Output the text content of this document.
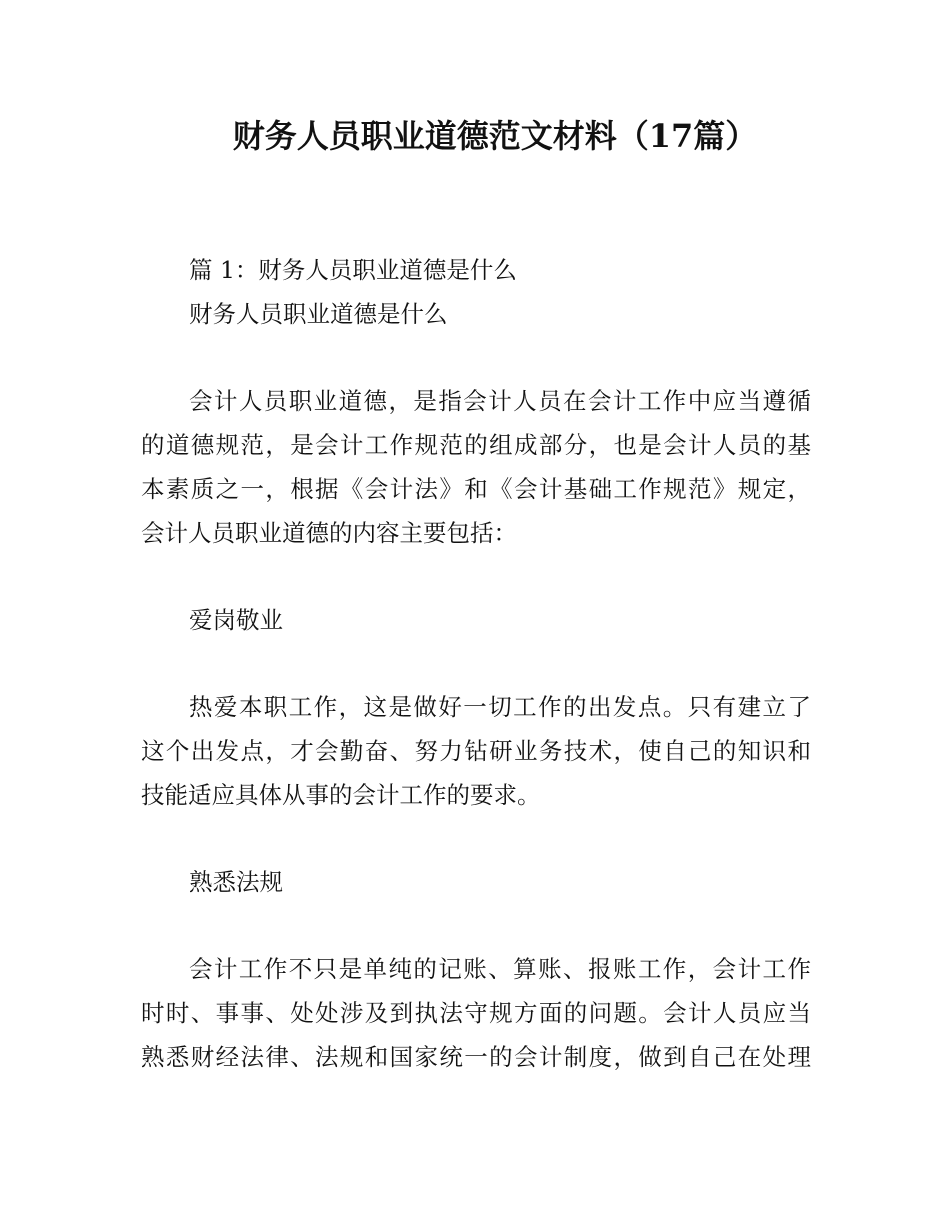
财务人员职业道德范文材料（17篇）

篇 1：财务人员职业道德是什么

财务人员职业道德是什么

会计人员职业道德，是指会计人员在会计工作中应当遵循

的道德规范，是会计工作规范的组成部分，也是会计人员的基

本素质之一，根据《会计法》和《会计基础工作规范》规定，

会计人员职业道德的内容主要包括：

爱岗敬业

热爱本职工作，这是做好一切工作的出发点。只有建立了

这个出发点，才会勤奋、努力钻研业务技术，使自己的知识和

技能适应具体从事的会计工作的要求。

熟悉法规

会计工作不只是单纯的记账、算账、报账工作，会计工作

时时、事事、处处涉及到执法守规方面的问题。会计人员应当

熟悉财经法律、法规和国家统一的会计制度，做到自己在处理
